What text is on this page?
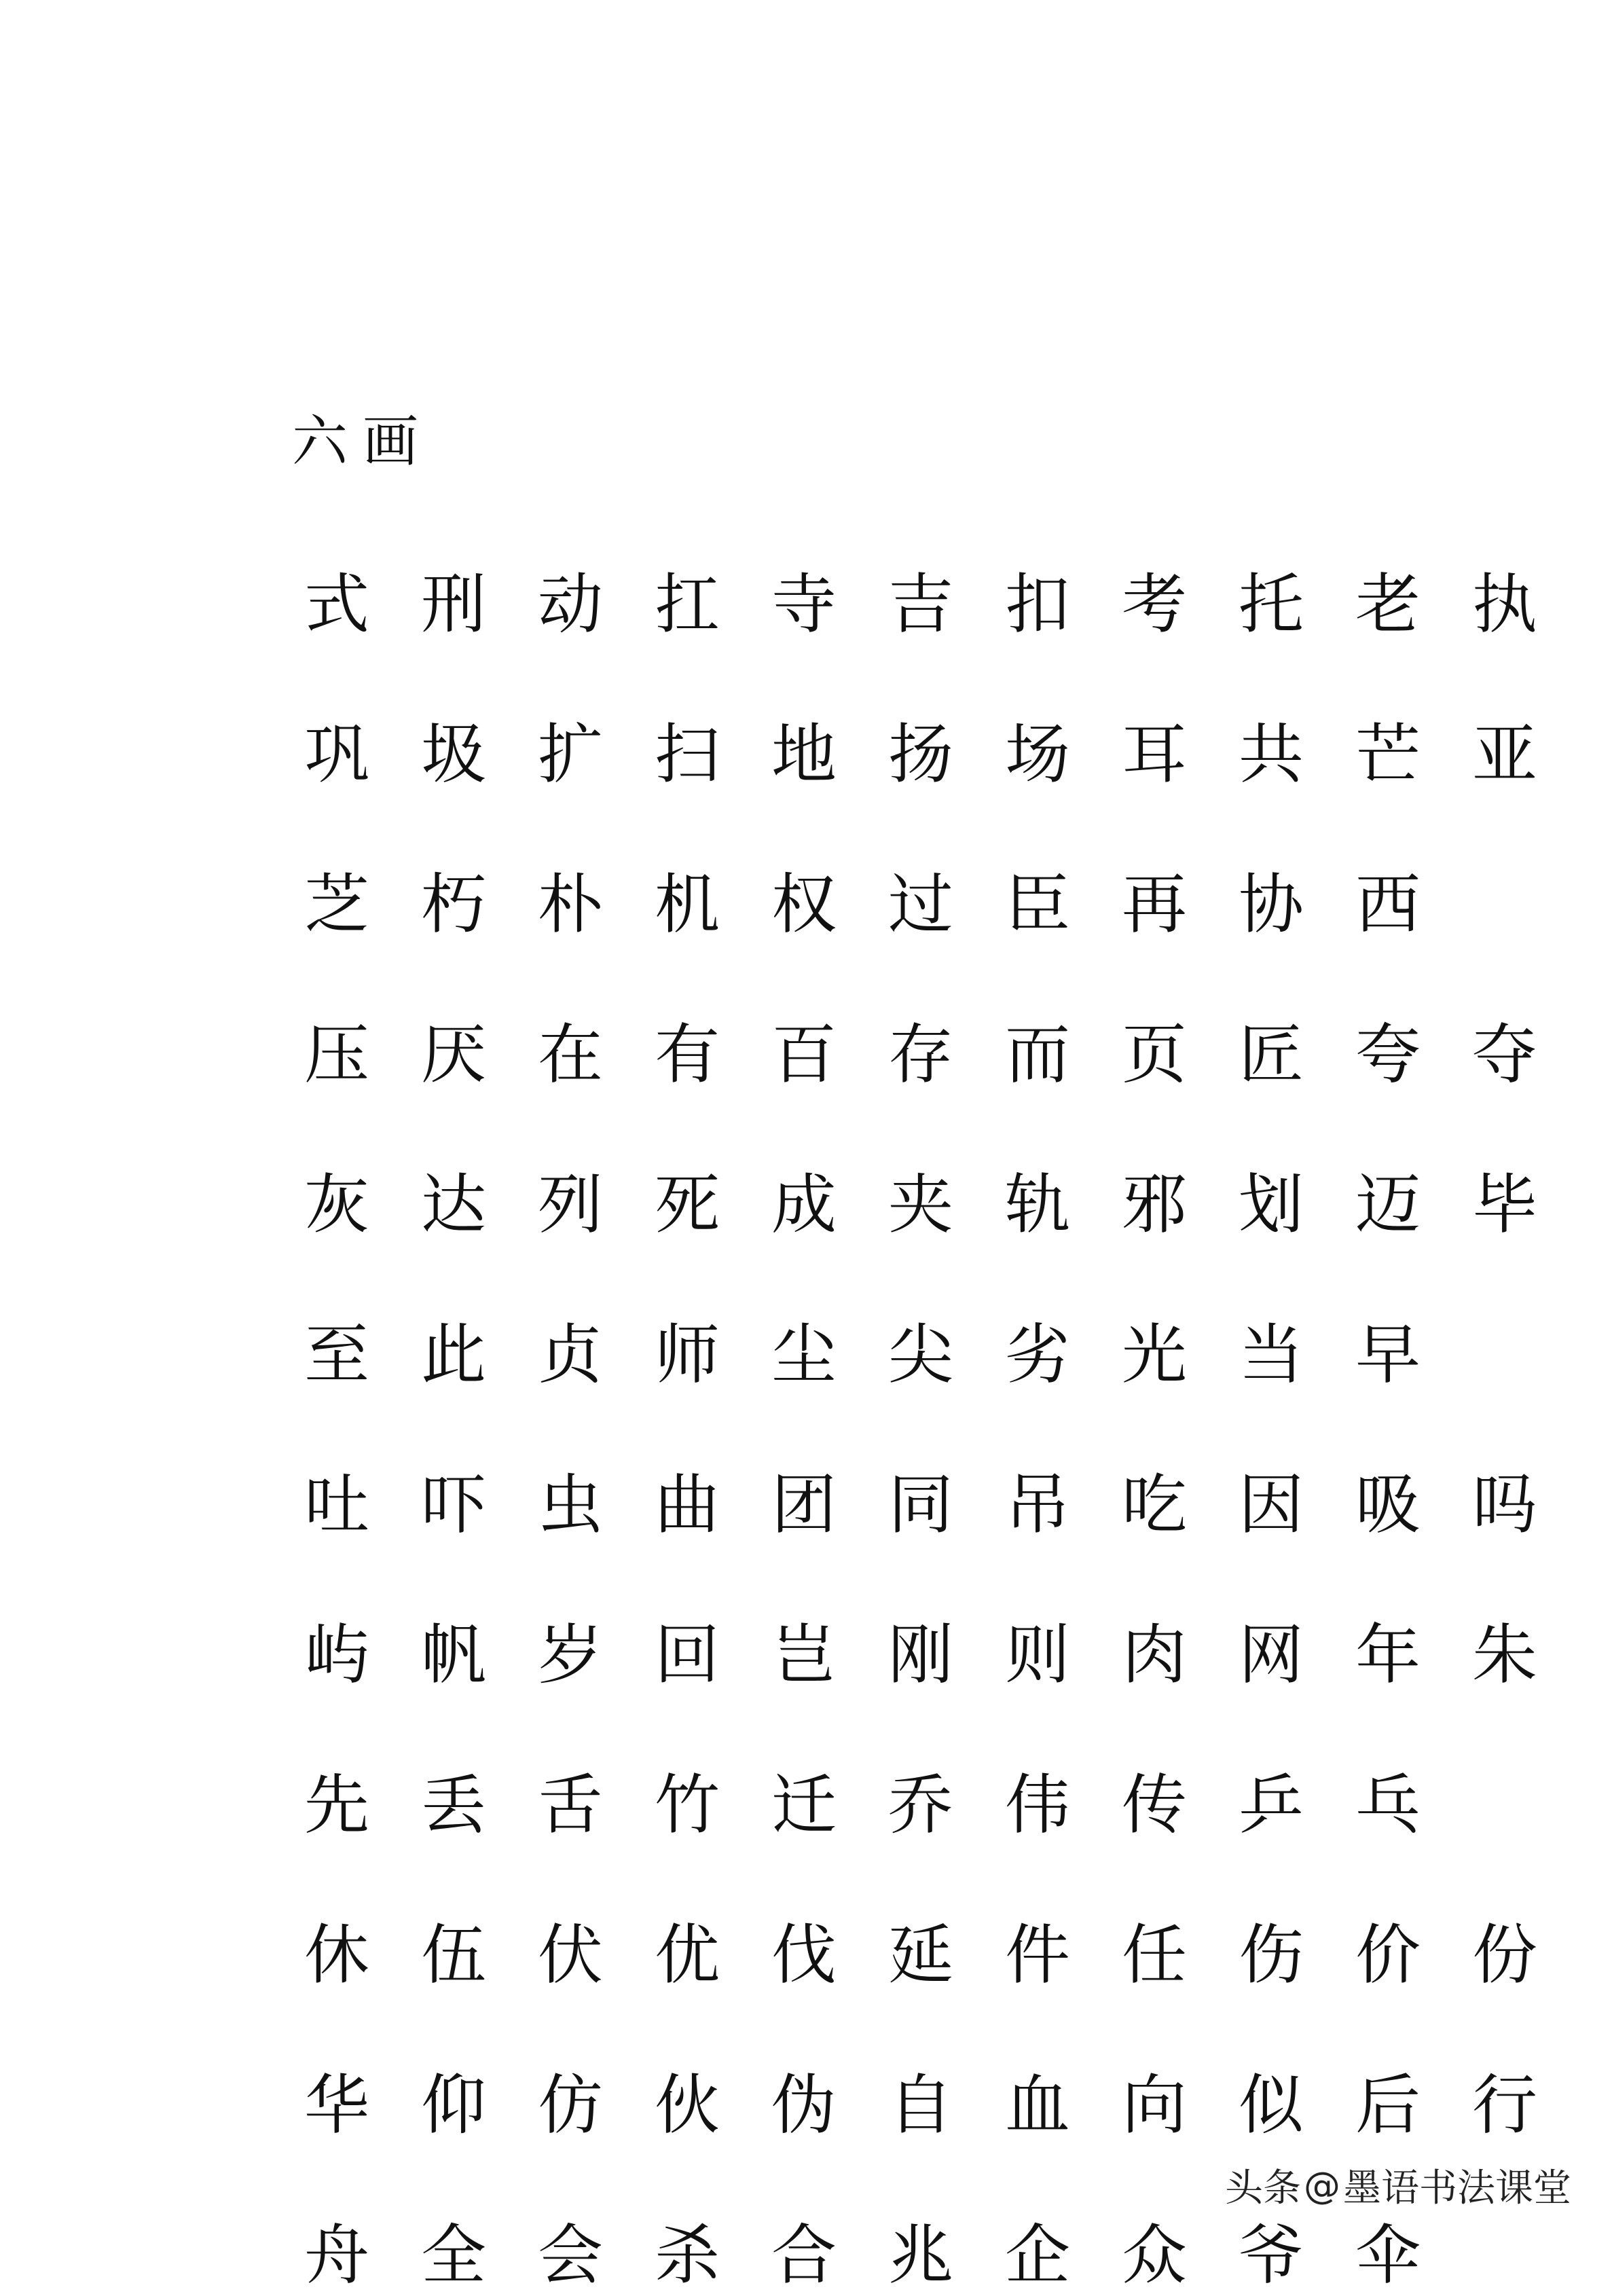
六画
式 刑 动 扛 寺 吉 扣 考 托 老 执
巩 圾 扩 扫 地 扬 场 耳 共 芒 亚
芝 朽 朴 机 权 过 臣 再 协 西
压 厌 在 有 百 存 而 页 匠 夸 夺
灰 达 列 死 成 夹 轨 邪 划 迈 毕
至 此 贞 师 尘 尖 劣 光 当 早
吐 吓 虫 曲 团 同 吊 吃 因 吸 吗
屿 帆 岁 回 岂 刚 则 肉 网 年 朱
先 丢 舌 竹 迁 乔 伟 传 乒 乓
休 伍 伏 优 伐 延 件 任 伤 价 份
华 仰 仿 伙 伪 自 血 向 似 后 行
舟 全 会 杀 合 兆 企 众 爷 伞
头条 @ 墨语书法课堂
